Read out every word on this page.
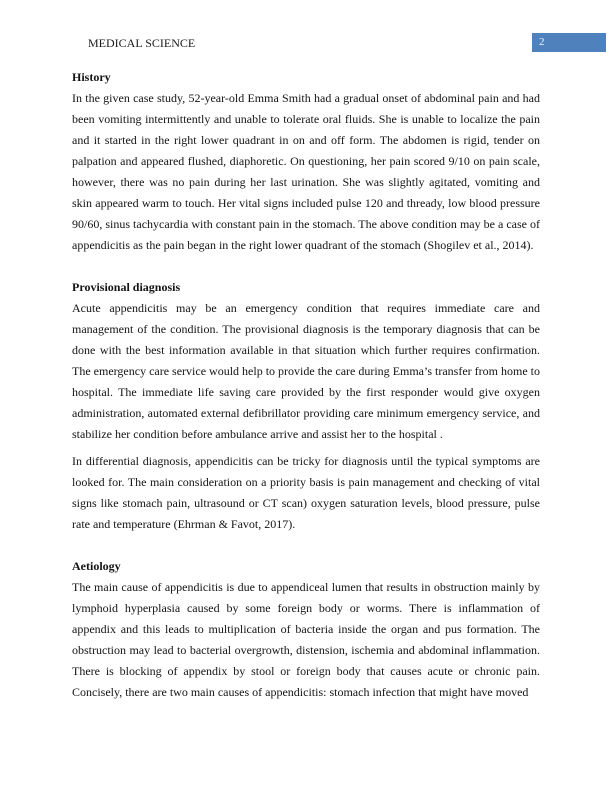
MEDICAL SCIENCE	2
History

In the given case study, 52-year-old Emma Smith had a gradual onset of abdominal pain and had been vomiting intermittently and unable to tolerate oral fluids. She is unable to localize the pain and it started in the right lower quadrant in on and off form. The abdomen is rigid, tender on palpation and appeared flushed, diaphoretic. On questioning, her pain scored 9/10 on pain scale, however, there was no pain during her last urination. She was slightly agitated, vomiting and skin appeared warm to touch. Her vital signs included pulse 120 and thready, low blood pressure 90/60, sinus tachycardia with constant pain in the stomach. The above condition may be a case of appendicitis as the pain began in the right lower quadrant of the stomach (Shogilev et al., 2014).

Provisional diagnosis

Acute appendicitis may be an emergency condition that requires immediate care and management of the condition. The provisional diagnosis is the temporary diagnosis that can be done with the best information available in that situation which further requires confirmation. The emergency care service would help to provide the care during Emma’s transfer from home to hospital. The immediate life saving care provided by the first responder would give oxygen administration, automated external defibrillator providing care minimum emergency service, and stabilize her condition before ambulance arrive and assist her to the hospital .

In differential diagnosis, appendicitis can be tricky for diagnosis until the typical symptoms are looked for. The main consideration on a priority basis is pain management and checking of vital signs like stomach pain, ultrasound or CT scan) oxygen saturation levels, blood pressure, pulse rate and temperature (Ehrman & Favot, 2017).

Aetiology

The main cause of appendicitis is due to appendiceal lumen that results in obstruction mainly by lymphoid hyperplasia caused by some foreign body or worms. There is inflammation of appendix and this leads to multiplication of bacteria inside the organ and pus formation. The obstruction may lead to bacterial overgrowth, distension, ischemia and abdominal inflammation. There is blocking of appendix by stool or foreign body that causes acute or chronic pain. Concisely, there are two main causes of appendicitis: stomach infection that might have moved
